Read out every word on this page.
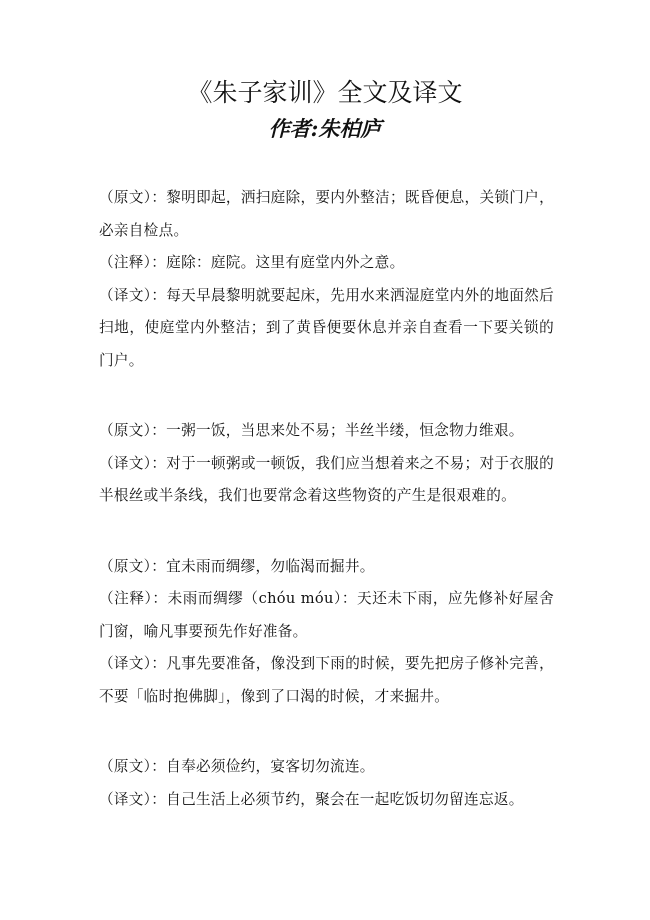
《朱子家训》全文及译文
作者:朱柏庐

（原文）：黎明即起，洒扫庭除，要内外整洁；既昏便息，关锁门户，必亲自检点。

（注释）：庭除：庭院。这里有庭堂内外之意。

（译文）：每天早晨黎明就要起床，先用水来洒湿庭堂内外的地面然后扫地，使庭堂内外整洁；到了黄昏便要休息并亲自查看一下要关锁的门户。

（原文）：一粥一饭，当思来处不易；半丝半缕，恒念物力维艰。

（译文）：对于一顿粥或一顿饭，我们应当想着来之不易；对于衣服的半根丝或半条线，我们也要常念着这些物资的产生是很艰难的。

（原文）：宜未雨而绸缪，勿临渴而掘井。

（注释）：未雨而绸缪（chóu móu）：天还未下雨，应先修补好屋舍门窗，喻凡事要预先作好准备。

（译文）：凡事先要准备，像没到下雨的时候，要先把房子修补完善，不要「临时抱佛脚」，像到了口渴的时候，才来掘井。

（原文）：自奉必须俭约，宴客切勿流连。

（译文）：自己生活上必须节约，聚会在一起吃饭切勿留连忘返。
